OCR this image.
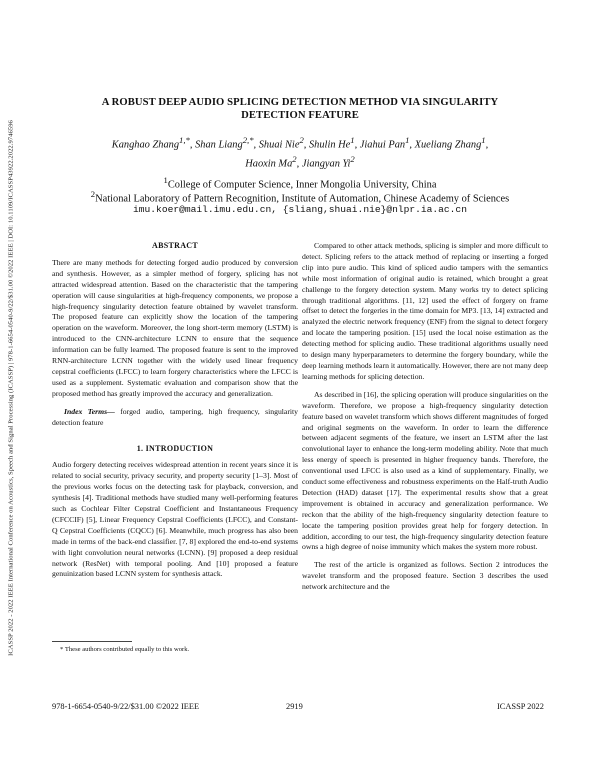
ICASSP 2022 - 2022 IEEE International Conference on Acoustics, Speech and Signal Processing (ICASSP) | 978-1-6654-0540-9/22/$31.00 ©2022 IEEE | DOI: 10.1109/ICASSP43922.2022.9746596
A ROBUST DEEP AUDIO SPLICING DETECTION METHOD VIA SINGULARITY
DETECTION FEATURE
Kanghao Zhang$^{1,*}$, Shan Liang$^{2,*}$, Shuai Nie$^2$, Shulin He$^1$, Jiahui Pan$^1$, Xueliang Zhang$^1$,
Haoxin Ma$^2$, Jiangyan Yi$^2$
$^1$College of Computer Science, Inner Mongolia University, China
$^2$National Laboratory of Pattern Recognition, Institute of Automation, Chinese Academy of Sciences
imu.koer@mail.imu.edu.cn, {sliang,shuai.nie}@nlpr.ia.ac.cn
ABSTRACT

There are many methods for detecting forged audio produced by conversion and synthesis. However, as a simpler method of forgery, splicing has not attracted widespread attention. Based on the characteristic that the tampering operation will cause singularities at high-frequency components, we propose a high-frequency singularity detection feature obtained by wavelet transform. The proposed feature can explicitly show the location of the tampering operation on the waveform. Moreover, the long short-term memory (LSTM) is introduced to the CNN-architecture LCNN to ensure that the sequence information can be fully learned. The proposed feature is sent to the improved RNN-architecture LCNN together with the widely used linear frequency cepstral coefficients (LFCC) to learn forgery characteristics where the LFCC is used as a supplement. Systematic evaluation and comparison show that the proposed method has greatly improved the accuracy and generalization.

Index Terms— forged audio, tampering, high frequency, singularity detection feature

1. INTRODUCTION

Audio forgery detecting receives widespread attention in recent years since it is related to social security, privacy security, and property security [1–3]. Most of the previous works focus on the detecting task for playback, conversion, and synthesis [4]. Traditional methods have studied many well-performing features such as Cochlear Filter Cepstral Coefficient and Instantaneous Frequency (CFCCIF) [5], Linear Frequency Cepstral Coefficients (LFCC), and Constant-Q Cepstral Coefficients (CQCC) [6]. Meanwhile, much progress has also been made in terms of the back-end classifier. [7, 8] explored the end-to-end systems with light convolution neural networks (LCNN). [9] proposed a deep residual network (ResNet) with temporal pooling. And [10] proposed a feature genuinization based LCNN system for synthesis attack.

Compared to other attack methods, splicing is simpler and more difficult to detect. Splicing refers to the attack method of replacing or inserting a forged clip into pure audio. This kind of spliced audio tampers with the semantics while most information of original audio is retained, which brought a great challenge to the forgery detection system. Many works try to detect splicing through traditional algorithms. [11, 12] used the effect of forgery on frame offset to detect the forgeries in the time domain for MP3. [13, 14] extracted and analyzed the electric network frequency (ENF) from the signal to detect forgery and locate the tampering position. [15] used the local noise estimation as the detecting method for splicing audio. These traditional algorithms usually need to design many hyperparameters to determine the forgery boundary, while the deep learning methods learn it automatically. However, there are not many deep learning methods for splicing detection.

As described in [16], the splicing operation will produce singularities on the waveform. Therefore, we propose a high-frequency singularity detection feature based on wavelet transform which shows different magnitudes of forged and original segments on the waveform. In order to learn the difference between adjacent segments of the feature, we insert an LSTM after the last convolutional layer to enhance the long-term modeling ability. Note that much less energy of speech is presented in higher frequency bands. Therefore, the conventional used LFCC is also used as a kind of supplementary. Finally, we conduct some effectiveness and robustness experiments on the Half-truth Audio Detection (HAD) dataset [17]. The experimental results show that a great improvement is obtained in accuracy and generalization performance. We reckon that the ability of the high-frequency singularity detection feature to locate the tampering position provides great help for forgery detection. In addition, according to our test, the high-frequency singularity detection feature owns a high degree of noise immunity which makes the system more robust.

The rest of the article is organized as follows. Section 2 introduces the wavelet transform and the proposed feature. Section 3 describes the used network architecture and the

* These authors contributed equally to this work.
978-1-6654-0540-9/22/$31.00 ©2022 IEEE	2919	ICASSP 2022
